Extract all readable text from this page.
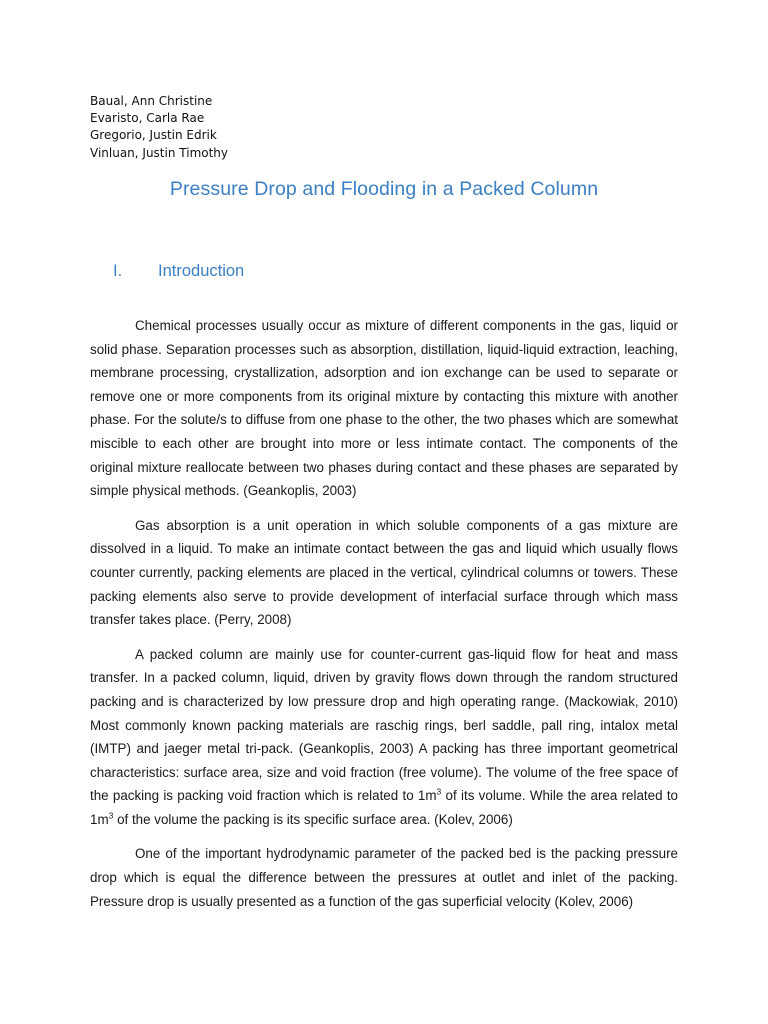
Baual, Ann Christine
Evaristo, Carla Rae
Gregorio, Justin Edrik
Vinluan, Justin Timothy
Pressure Drop and Flooding in a Packed Column
I. Introduction

Chemical processes usually occur as mixture of different components in the gas, liquid or solid phase. Separation processes such as absorption, distillation, liquid-liquid extraction, leaching, membrane processing, crystallization, adsorption and ion exchange can be used to separate or remove one or more components from its original mixture by contacting this mixture with another phase. For the solute/s to diffuse from one phase to the other, the two phases which are somewhat miscible to each other are brought into more or less intimate contact. The components of the original mixture reallocate between two phases during contact and these phases are separated by simple physical methods. (Geankoplis, 2003)

Gas absorption is a unit operation in which soluble components of a gas mixture are dissolved in a liquid. To make an intimate contact between the gas and liquid which usually flows counter currently, packing elements are placed in the vertical, cylindrical columns or towers. These packing elements also serve to provide development of interfacial surface through which mass transfer takes place. (Perry, 2008)

A packed column are mainly use for counter-current gas-liquid flow for heat and mass transfer. In a packed column, liquid, driven by gravity flows down through the random structured packing and is characterized by low pressure drop and high operating range. (Mackowiak, 2010) Most commonly known packing materials are raschig rings, berl saddle, pall ring, intalox metal (IMTP) and jaeger metal tri-pack. (Geankoplis, 2003) A packing has three important geometrical characteristics: surface area, size and void fraction (free volume). The volume of the free space of the packing is packing void fraction which is related to $1m^3$ of its volume. While the area related to $1m^3$ of the volume the packing is its specific surface area. (Kolev, 2006)

One of the important hydrodynamic parameter of the packed bed is the packing pressure drop which is equal the difference between the pressures at outlet and inlet of the packing. Pressure drop is usually presented as a function of the gas superficial velocity (Kolev, 2006)
